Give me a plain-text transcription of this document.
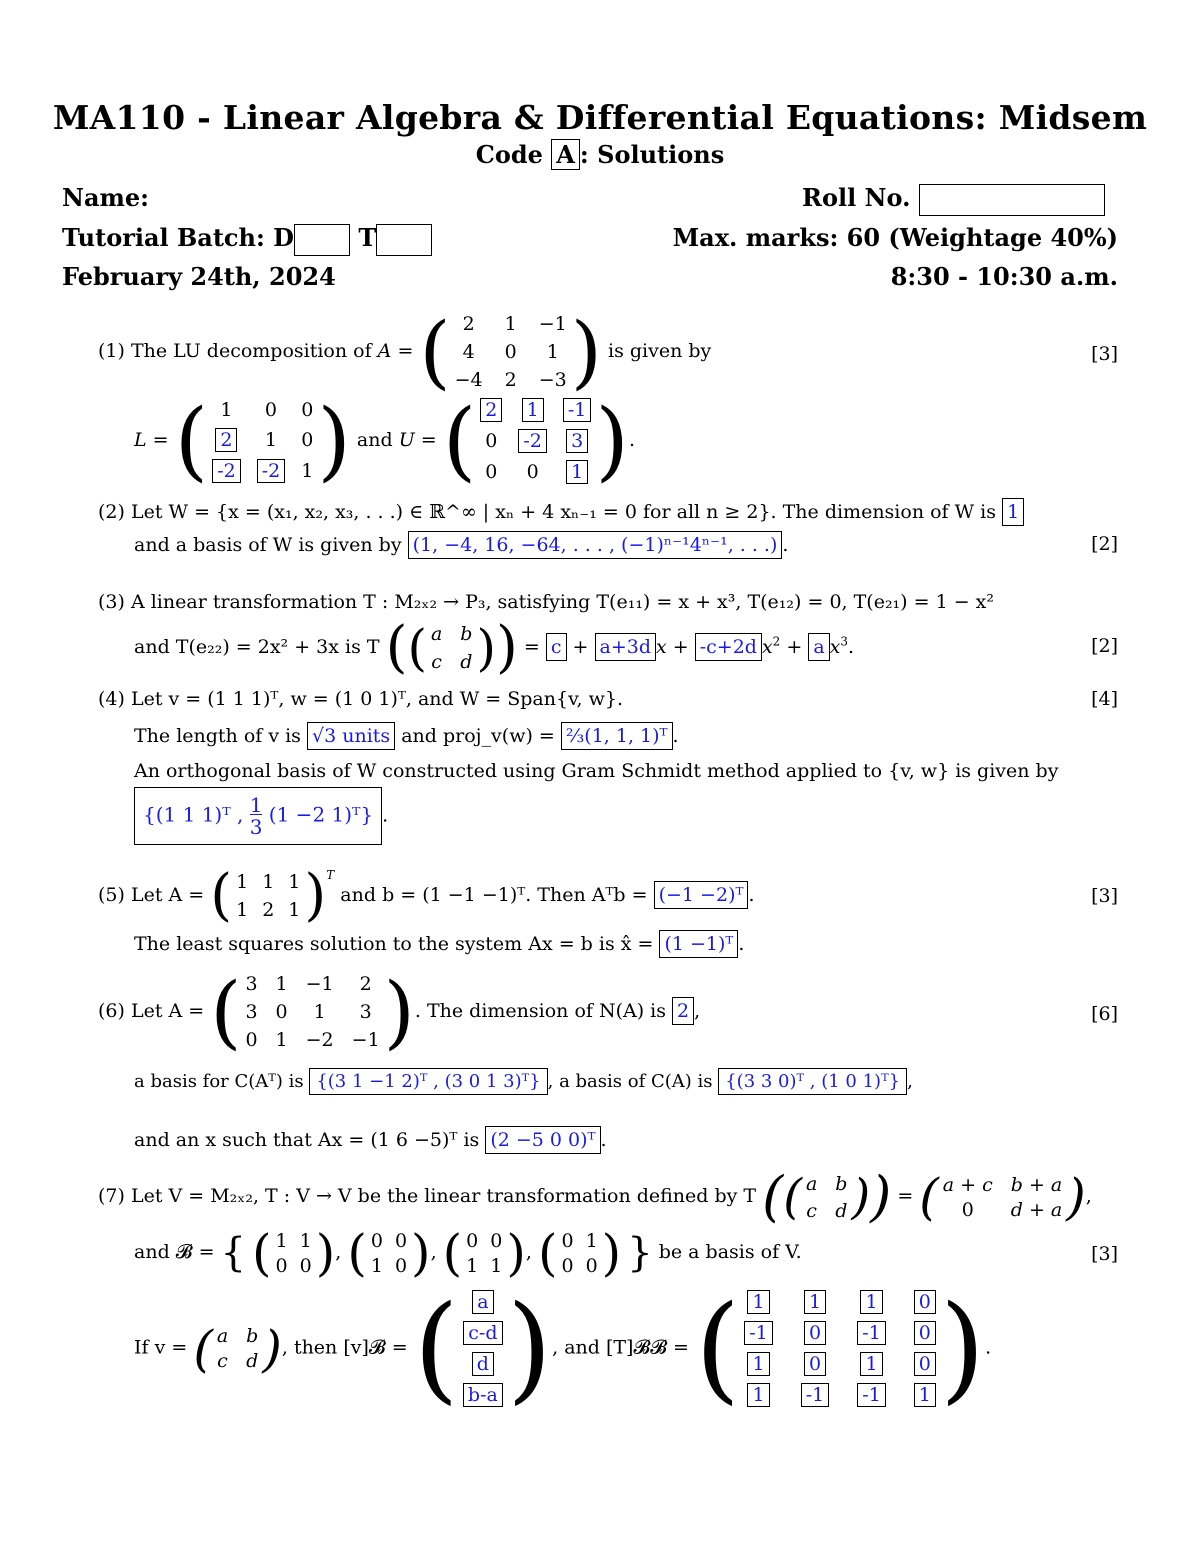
MA110 - Linear Algebra & Differential Equations: Midsem
Code A : Solutions
Name:	Roll No.
Tutorial Batch: D	T	Max. marks: 60 (Weightage 40%)
February 24th, 2024	8:30 - 10:30 a.m.
(1) The LU decomposition of A = ( 2 1 −1
4 0 1
−4 2 −3 ) is given by	[3]
L = ( 1 0 0
2 1 0
-2 -2 1 ) and U = ( 2 1 -1
0 -2 3
0 0 1 ) .
(2) Let W = {x = (x₁, x₂, x₃, . . .) ∈ ℝ^∞ | xₙ + 4 xₙ₋₁ = 0 for all n ≥ 2}. The dimension of W is 1
and a basis of W is given by (1, −4, 16, −64, . . . , (−1)ⁿ⁻¹4ⁿ⁻¹, . . .) .	[2]
(3) A linear transformation T : M₂ₓ₂ → P₃, satisfying T(e₁₁) = x + x³, T(e₁₂) = 0, T(e₂₁) = 1 − x²
and T(e₂₂) = 2x² + 3x is T ( ( a b
c d ) ) = c + a+3d x + -c+2d $x^2 + a$ $x^3$.	[2]
(4) Let v = (1 1 1)ᵀ, w = (1 0 1)ᵀ, and W = Span{v, w}.	[4]
The length of v is √3 units and proj_v(w) = ⅔(1, 1, 1)ᵀ .
An orthogonal basis of W constructed using Gram Schmidt method applied to {v, w} is given by
{(1 1 1)ᵀ , 1
3 (1 −2 1)ᵀ} .
(5) Let A = ( 1 1 1
1 2 1 ) $^T$ and b = (1 −1 −1)ᵀ. Then Aᵀb = (−1 −2)ᵀ .	[3]
The least squares solution to the system Ax = b is x̂ = (1 −1)ᵀ .
(6) Let A = ( 3 1 −1 2
3 0 1 3
0 1 −2 −1 ) . The dimension of N(A) is 2 ,	[6]
a basis for C(Aᵀ) is {(3 1 −1 2)ᵀ , (3 0 1 3)ᵀ} , a basis of C(A) is {(3 3 0)ᵀ , (1 0 1)ᵀ} ,
and an x such that Ax = (1 6 −5)ᵀ is (2 −5 0 0)ᵀ .
(7) Let V = M₂ₓ₂, T : V → V be the linear transformation defined by T ( ( a b
c d ) ) = ( a + c b + a
0 d + a ) ,
and 𝓑 = { ( 1 1
0 0 ) , ( 0 0
1 0 ) , ( 0 0
1 1 ) , ( 0 1
0 0 ) } be a basis of V.	[3]
If v = ( a b
c d ) , then [v]𝓑 = ( a
c-d
d
b-a ) , and [T]𝓑𝓑 = ( 1 1 1 0
-1 0 -1 0
1 0 1 0
1 -1 -1 1 ) .
